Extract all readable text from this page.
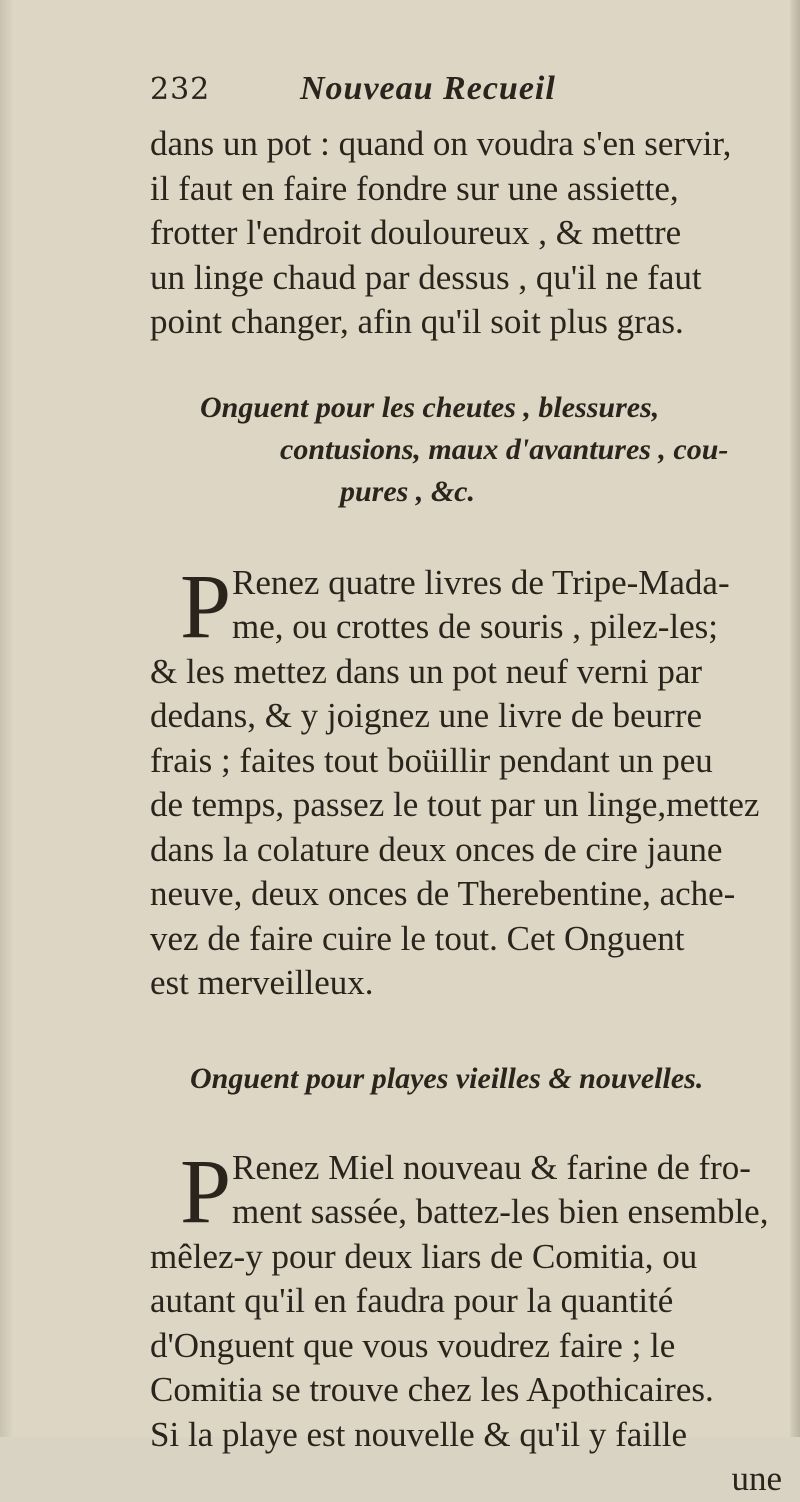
232	Nouveau Recueil
dans un pot : quand on voudra s'en servir,
il faut en faire fondre sur une assiette,
frotter l'endroit douloureux , & mettre
un linge chaud par dessus , qu'il ne faut
point changer, afin qu'il soit plus gras.
Onguent pour les cheutes , blessures,
contusions, maux d'avantures , cou-
pures , &c.
P Renez quatre livres de Tripe-Mada-
me, ou crottes de souris , pilez-les;
& les mettez dans un pot neuf verni par
dedans, & y joignez une livre de beurre
frais ; faites tout boüillir pendant un peu
de temps, passez le tout par un linge,mettez
dans la colature deux onces de cire jaune
neuve, deux onces de Therebentine, ache-
vez de faire cuire le tout. Cet Onguent
est merveilleux.
Onguent pour playes vieilles & nouvelles.
P Renez Miel nouveau & farine de fro-
ment sassée, battez-les bien ensemble,
mêlez-y pour deux liars de Comitia, ou
autant qu'il en faudra pour la quantité
d'Onguent que vous voudrez faire ; le
Comitia se trouve chez les Apothicaires.
Si la playe est nouvelle & qu'il y faille
une
